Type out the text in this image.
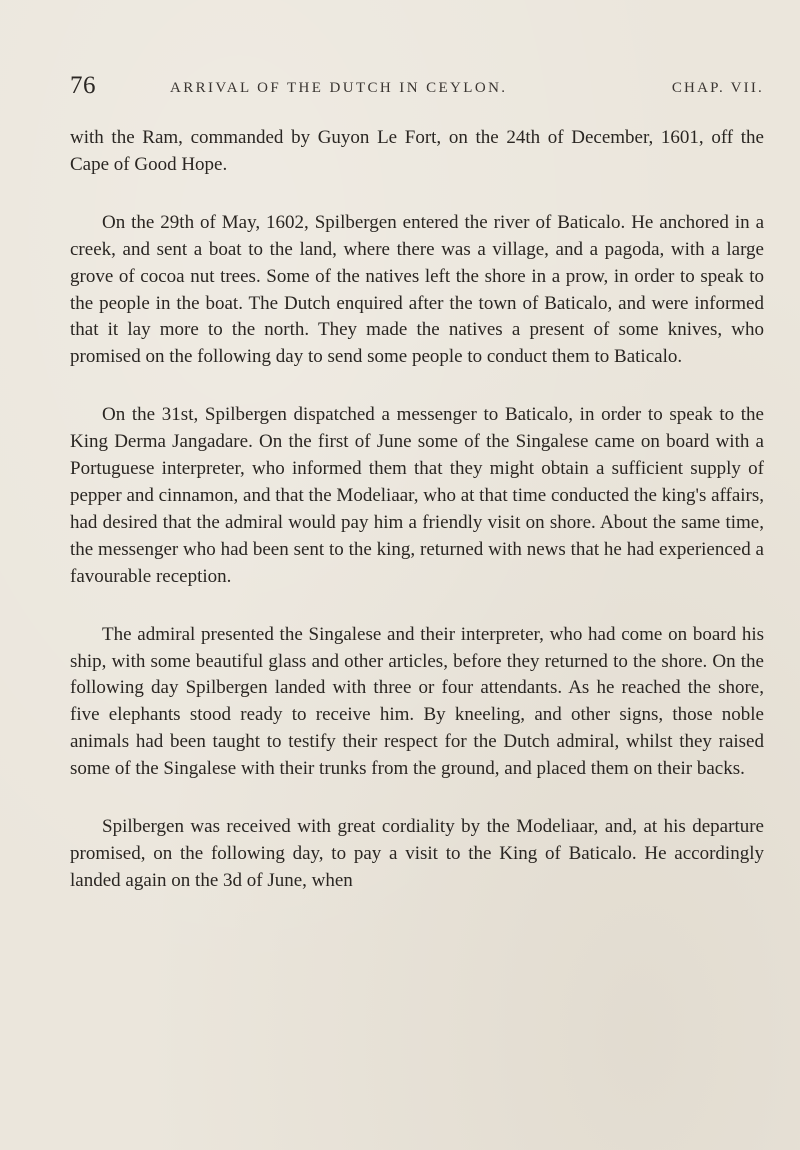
76	ARRIVAL OF THE DUTCH IN CEYLON.	CHAP. VII.

with the Ram, commanded by Guyon Le Fort, on the 24th of December, 1601, off the Cape of Good Hope.

On the 29th of May, 1602, Spilbergen entered the river of Baticalo. He anchored in a creek, and sent a boat to the land, where there was a village, and a pagoda, with a large grove of cocoa nut trees. Some of the natives left the shore in a prow, in order to speak to the people in the boat. The Dutch enquired after the town of Baticalo, and were informed that it lay more to the north. They made the natives a present of some knives, who promised on the following day to send some people to conduct them to Baticalo.

On the 31st, Spilbergen dispatched a messenger to Baticalo, in order to speak to the King Derma Jangadare. On the first of June some of the Singalese came on board with a Portuguese interpreter, who informed them that they might obtain a sufficient supply of pepper and cinnamon, and that the Modeliaar, who at that time conducted the king's affairs, had desired that the admiral would pay him a friendly visit on shore. About the same time, the messenger who had been sent to the king, returned with news that he had experienced a favourable reception.

The admiral presented the Singalese and their interpreter, who had come on board his ship, with some beautiful glass and other articles, before they returned to the shore. On the following day Spilbergen landed with three or four attendants. As he reached the shore, five elephants stood ready to receive him. By kneeling, and other signs, those noble animals had been taught to testify their respect for the Dutch admiral, whilst they raised some of the Singalese with their trunks from the ground, and placed them on their backs.

Spilbergen was received with great cordiality by the Modeliaar, and, at his departure promised, on the following day, to pay a visit to the King of Baticalo. He accordingly landed again on the 3d of June, when
